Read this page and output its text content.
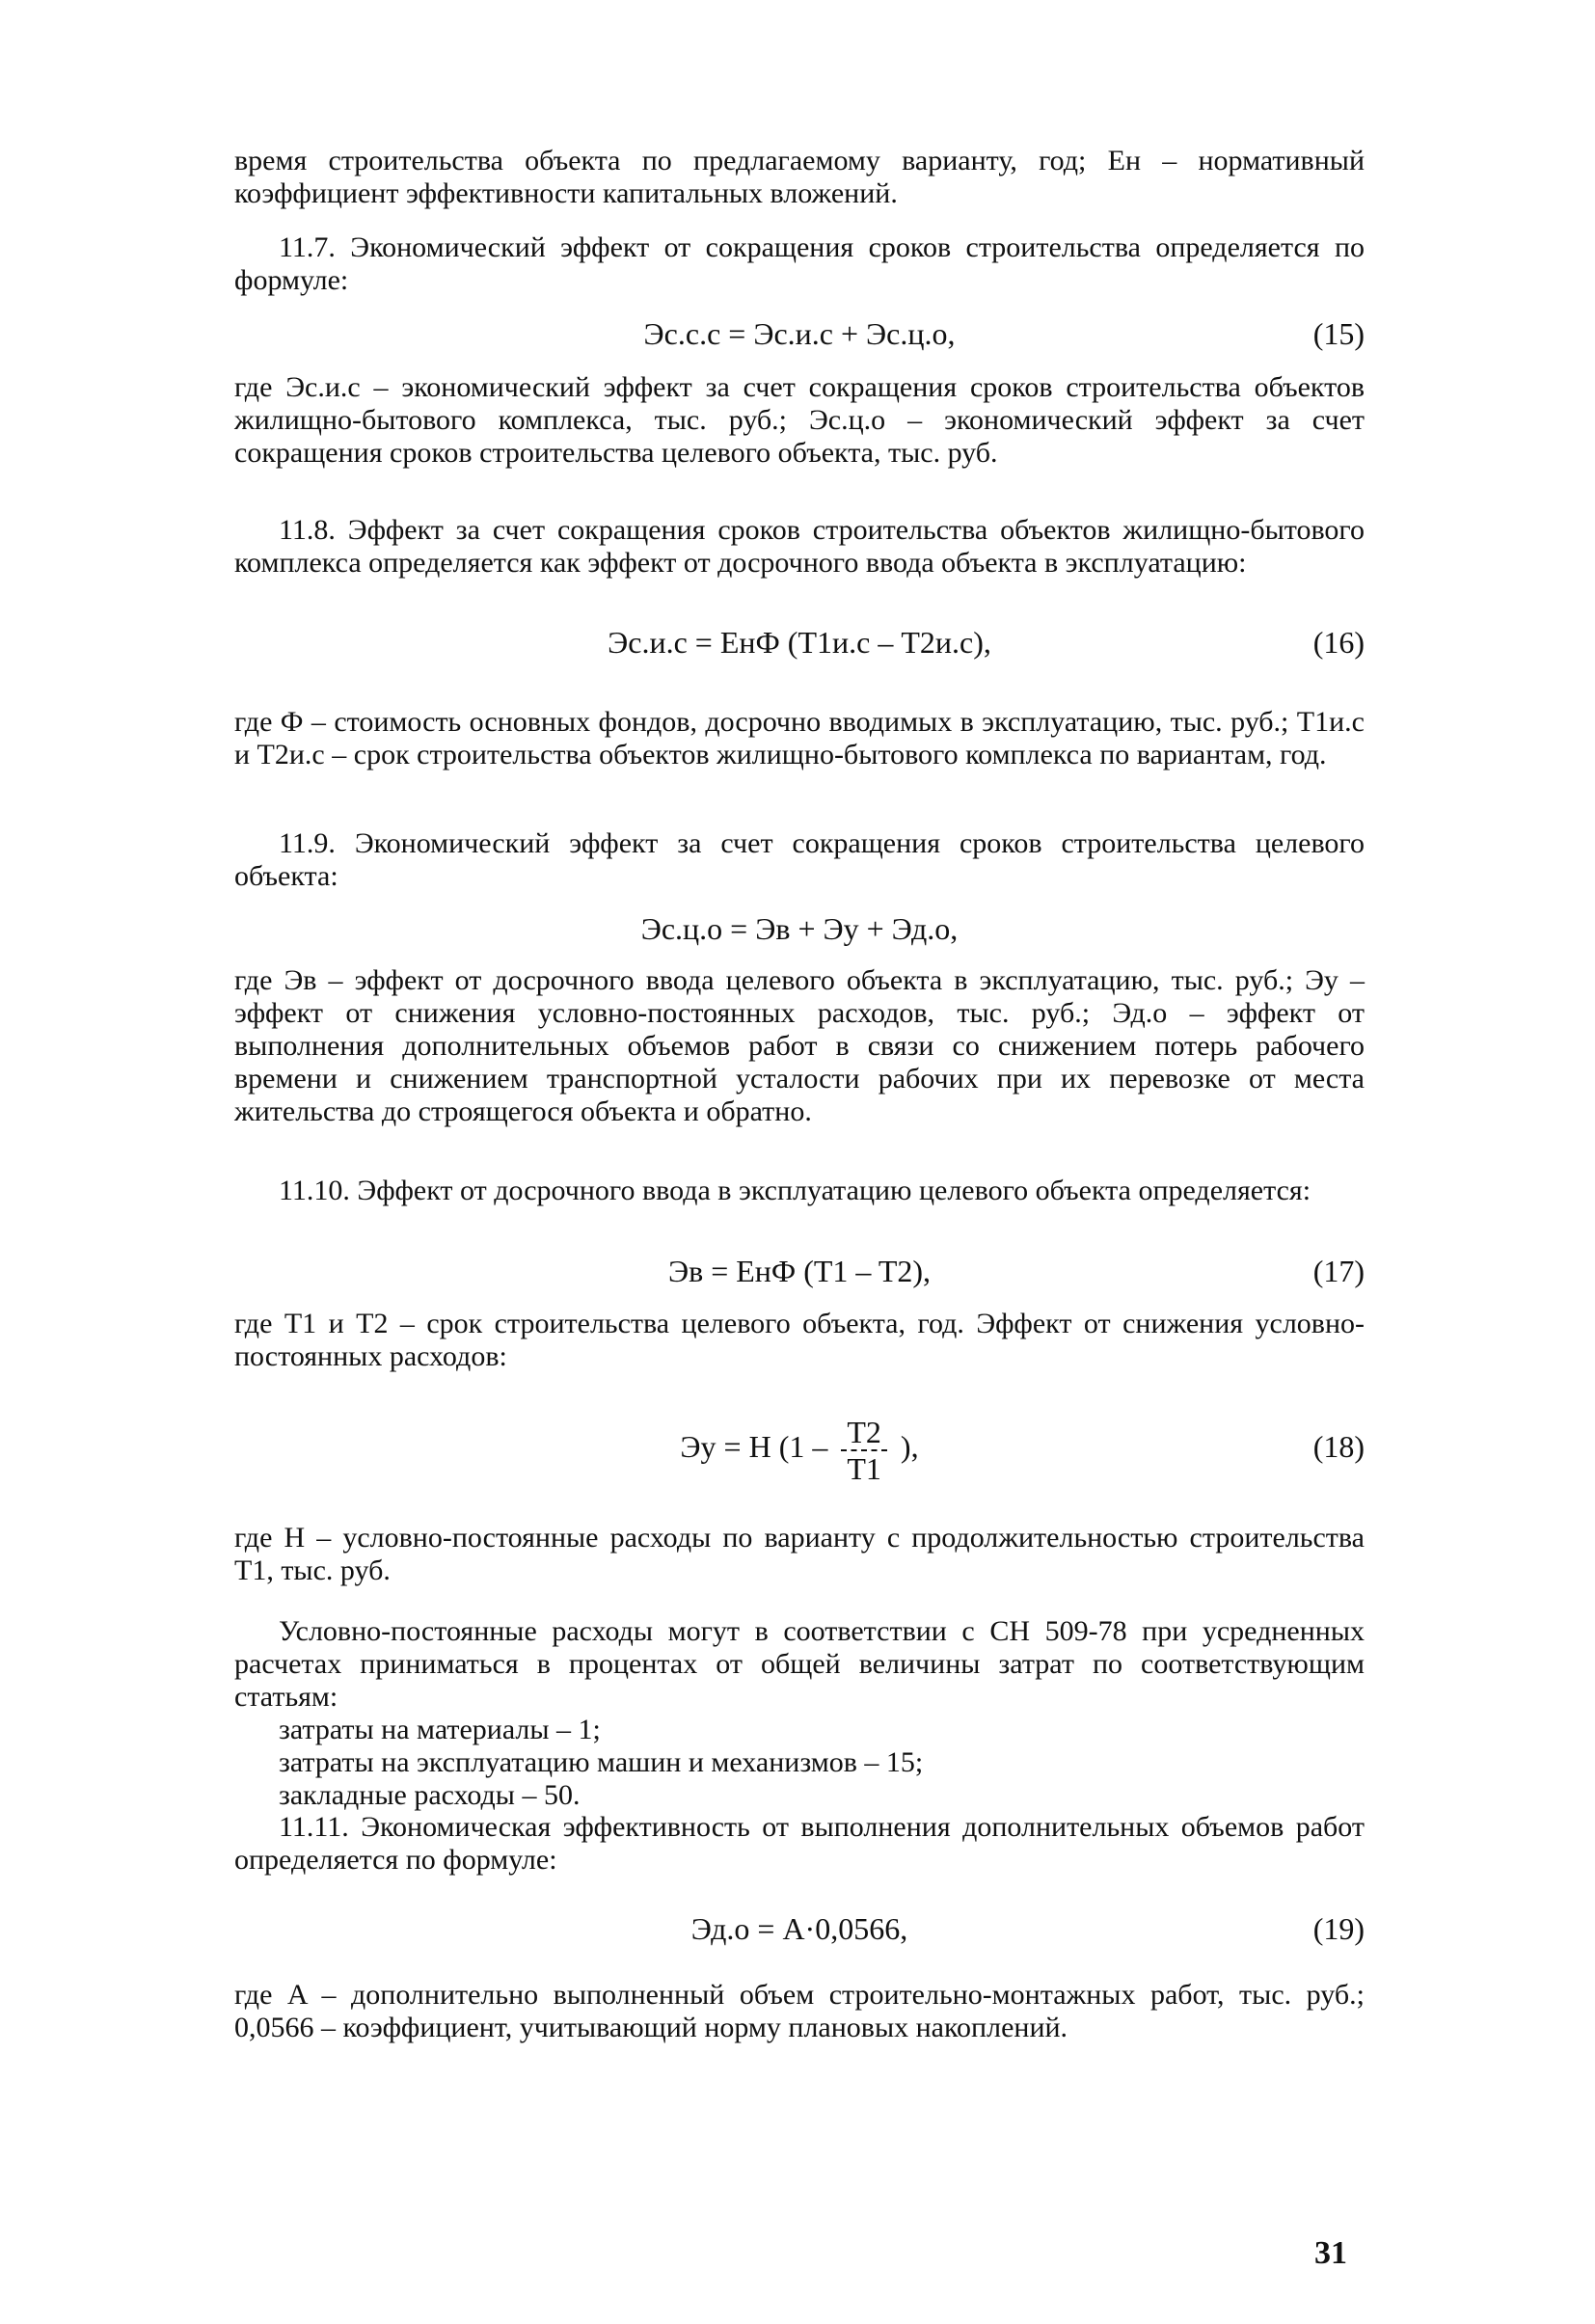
время строительства объекта по предлагаемому варианту, год; Eн – нормативный коэффициент эффективности капитальных вложений.

11.7. Экономический эффект от сокращения сроков строительства определяется по формуле:

Эс.с.с = Эс.и.с + Эс.ц.о,	(15)

где Эс.и.с – экономический эффект за счет сокращения сроков строительства объектов жилищно-бытового комплекса, тыс. руб.; Эс.ц.о – экономический эффект за счет сокращения сроков строительства целевого объекта, тыс. руб.

11.8. Эффект за счет сокращения сроков строительства объектов жилищно-бытового комплекса определяется как эффект от досрочного ввода объекта в эксплуатацию:

Эс.и.с = EнФ (T1и.с – T2и.с),	(16)

где Ф – стоимость основных фондов, досрочно вводимых в эксплуатацию, тыс. руб.; T1и.с и T2и.с – срок строительства объектов жилищно-бытового комплекса по вариантам, год.

11.9. Экономический эффект за счет сокращения сроков строительства целевого объекта:

Эс.ц.о = Эв + Эу + Эд.о,

где Эв – эффект от досрочного ввода целевого объекта в эксплуатацию, тыс. руб.; Эу – эффект от снижения условно-постоянных расходов, тыс. руб.; Эд.о – эффект от выполнения дополнительных объемов работ в связи со снижением потерь рабочего времени и снижением транспортной усталости рабочих при их перевозке от места жительства до строящегося объекта и обратно.

11.10. Эффект от досрочного ввода в эксплуатацию целевого объекта определяется:

Эв = EнФ (T1 – T2),	(17)

где T1 и T2 – срок строительства целевого объекта, год. Эффект от снижения условно-постоянных расходов:

Эу = Н ($1 - \frac{T2}{T1}$ ),	(18)

где Н – условно-постоянные расходы по варианту с продолжительностью строительства T1, тыс. руб.

Условно-постоянные расходы могут в соответствии с СН 509-78 при усредненных расчетах приниматься в процентах от общей величины затрат по соответствующим статьям:

затраты на материалы – 1;

затраты на эксплуатацию машин и механизмов – 15;

закладные расходы – 50.

11.11. Экономическая эффективность от выполнения дополнительных объемов работ определяется по формуле:

Эд.о = A·0,0566,	(19)

где A – дополнительно выполненный объем строительно-монтажных работ, тыс. руб.; 0,0566 – коэффициент, учитывающий норму плановых накоплений.

31
